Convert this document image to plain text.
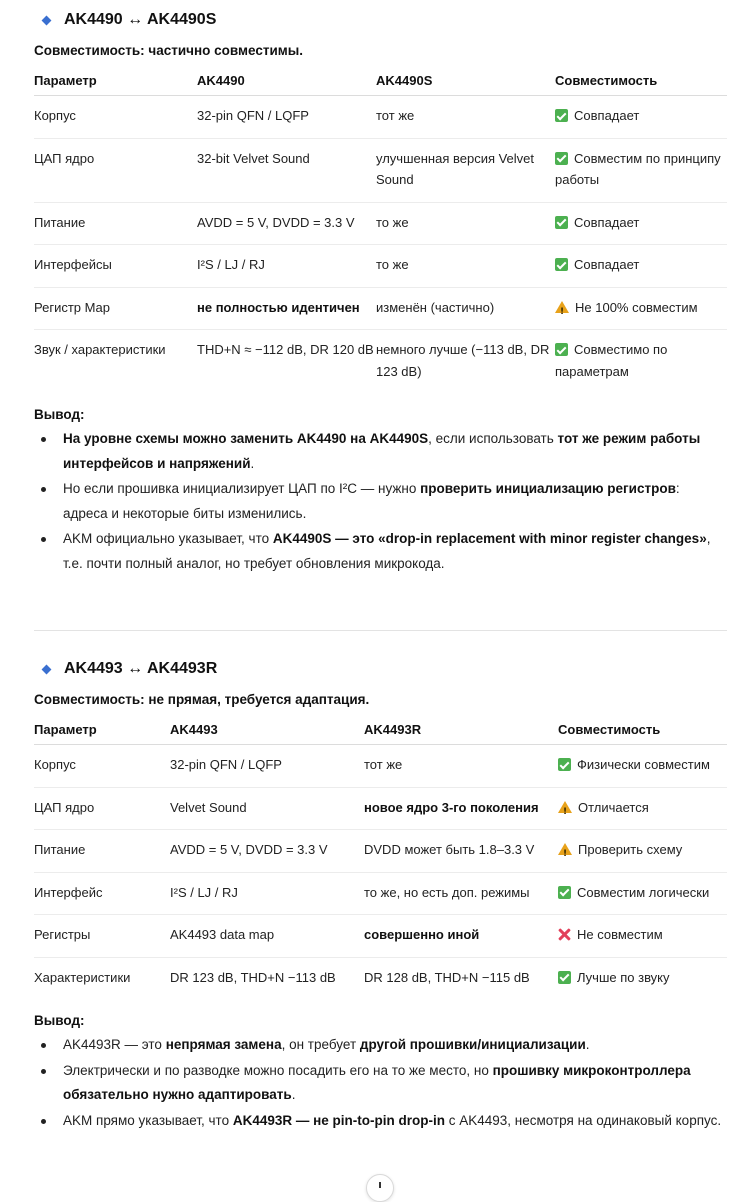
AK4490 ↔ AK4490S
Совместимость: частично совместимы.
Параметр	AK4490	AK4490S	Совместимость
Корпус	32-pin QFN / LQFP	тот же	Совпадает
ЦАП ядро	32-bit Velvet Sound	улучшенная версия Velvet Sound	Совместим по принципу работы
Питание	AVDD = 5 V, DVDD = 3.3 V	то же	Совпадает
Интерфейсы	I²S / LJ / RJ	то же	Совпадает
Регистр Map	не полностью идентичен	изменён (частично)	!Не 100% совместим
Звук / характеристики	THD+N ≈ −112 dB, DR 120 dB	немного лучше (−113 dB, DR 123 dB)	Совместимо по параметрам
Вывод:
На уровне схемы можно заменить AK4490 на AK4490S, если использовать тот же режим работы интерфейсов и напряжений.
Но если прошивка инициализирует ЦАП по I²C — нужно проверить инициализацию регистров: адреса и некоторые биты изменились.
AKM официально указывает, что AK4490S — это «drop-in replacement with minor register changes», т.е. почти полный аналог, но требует обновления микрокода.
AK4493 ↔ AK4493R
Совместимость: не прямая, требуется адаптация.
Параметр	AK4493	AK4493R	Совместимость
Корпус	32-pin QFN / LQFP	тот же	Физически совместим
ЦАП ядро	Velvet Sound	новое ядро 3-го поколения	!Отличается
Питание	AVDD = 5 V, DVDD = 3.3 V	DVDD может быть 1.8–3.3 V	!Проверить схему
Интерфейс	I²S / LJ / RJ	то же, но есть доп. режимы	Совместим логически
Регистры	AK4493 data map	совершенно иной	Не совместим
Характеристики	DR 123 dB, THD+N −113 dB	DR 128 dB, THD+N −115 dB	Лучше по звуку
Вывод:
AK4493R — это непрямая замена, он требует другой прошивки/инициализации.
Электрически и по разводке можно посадить его на то же место, но прошивку микроконтроллера обязательно нужно адаптировать.
AKM прямо указывает, что AK4493R — не pin-to-pin drop-in с AK4493, несмотря на одинаковый корпус.
